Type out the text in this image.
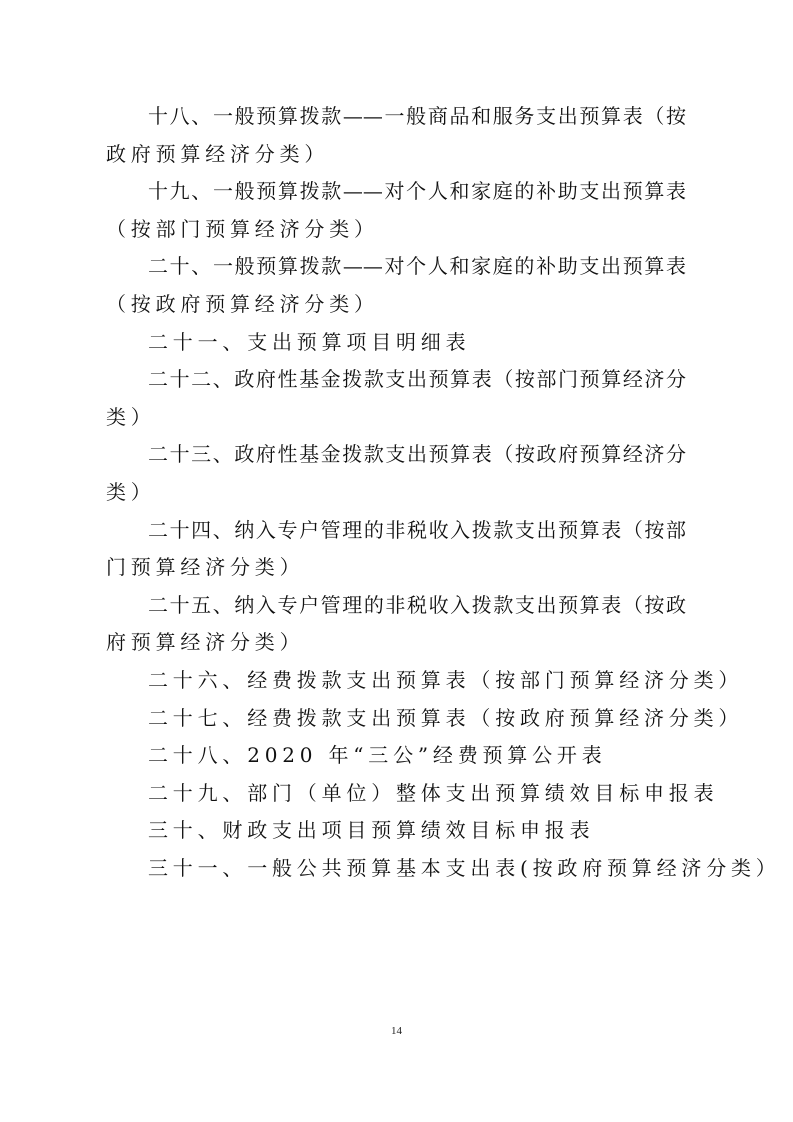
十八、一般预算拨款——一般商品和服务支出预算表（按
政府预算经济分类）
十九、一般预算拨款——对个人和家庭的补助支出预算表
（按部门预算经济分类）
二十、一般预算拨款——对个人和家庭的补助支出预算表
（按政府预算经济分类）
二十一、支出预算项目明细表
二十二、政府性基金拨款支出预算表（按部门预算经济分
类）
二十三、政府性基金拨款支出预算表（按政府预算经济分
类）
二十四、纳入专户管理的非税收入拨款支出预算表（按部
门预算经济分类）
二十五、纳入专户管理的非税收入拨款支出预算表（按政
府预算经济分类）
二十六、经费拨款支出预算表（按部门预算经济分类）
二十七、经费拨款支出预算表（按政府预算经济分类）
二十八、2020 年“三公”经费预算公开表
二十九、部门（单位）整体支出预算绩效目标申报表
三十、财政支出项目预算绩效目标申报表
三十一、一般公共预算基本支出表(按政府预算经济分类）
14
